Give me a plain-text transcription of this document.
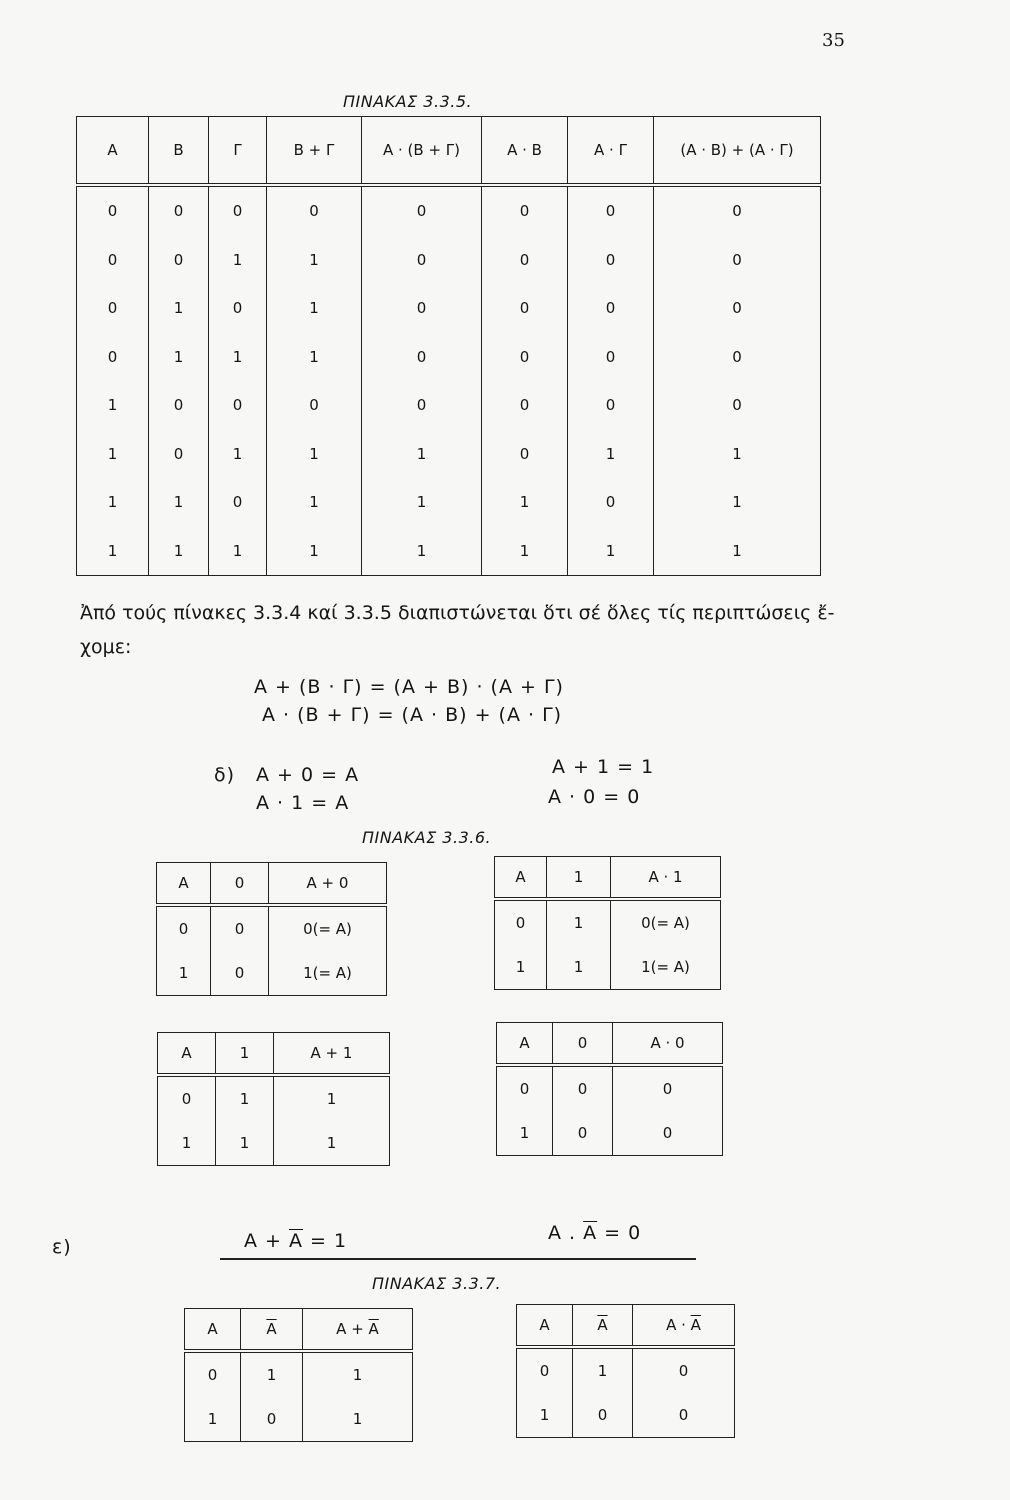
35
ΠΙΝΑΚΑΣ 3.3.5.
A	B	Γ	B + Γ	A · (B + Γ)	A · B	A · Γ	(A · B) + (A · Γ)
0	0	0	0	0	0	0	0
0	0	1	1	0	0	0	0
0	1	0	1	0	0	0	0
0	1	1	1	0	0	0	0
1	0	0	0	0	0	0	0
1	0	1	1	1	0	1	1
1	1	0	1	1	1	0	1
1	1	1	1	1	1	1	1
Ἀπό τούς πίνακες 3.3.4 καί 3.3.5 διαπιστώνεται ὅτι σέ ὅλες τίς περιπτώσεις ἔ-
χομε:
A + (B · Γ) = (A + B) · (A + Γ)
A · (B + Γ) = (A · B) + (A · Γ)
δ) A + 0 = A
A · 1 = A
A + 1 = 1
A · 0 = 0
ΠΙΝΑΚΑΣ 3.3.6.
A	0	A + 0
0	0	0(= A)
1	0	1(= A)
A	1	A · 1
0	1	0(= A)
1	1	1(= A)
A	1	A + 1
0	1	1
1	1	1
A	0	A · 0
0	0	0
1	0	0
ε)	$A + \overline{A} = 1$	A . $\overline{A} = 0$
ΠΙΝΑΚΑΣ 3.3.7.
A	$\overline{A}$	$A + \overline{A}$
0	1	1
1	0	1
A	$\overline{A}$	$A \cdot \overline{A}$
0	1	0
1	0	0
